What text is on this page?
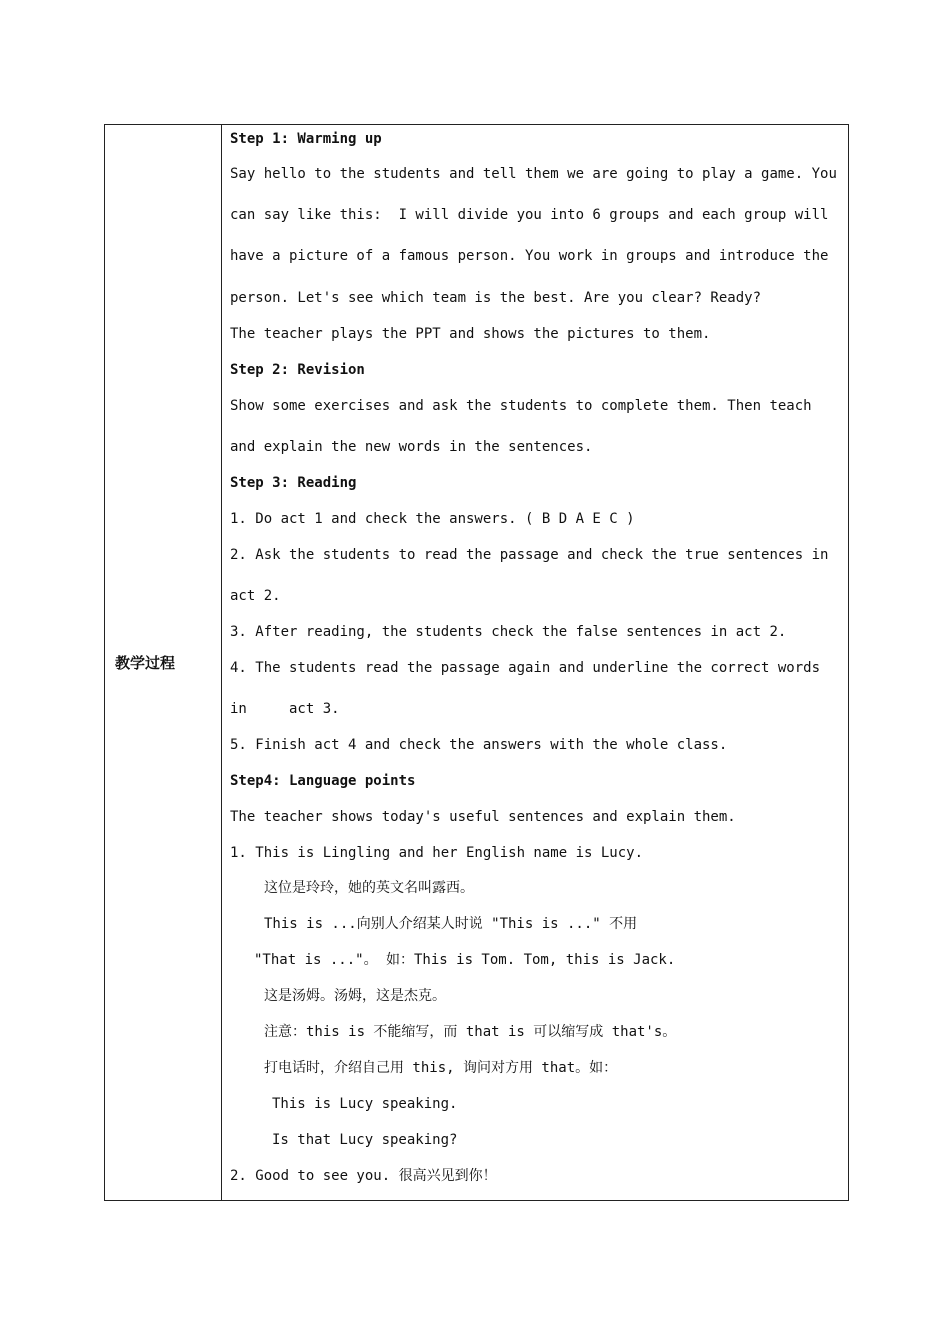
教学过程

Step 1: Warming up
Say hello to the students and tell them we are going to play a game. You
can say like this:  I will divide you into 6 groups and each group will
have a picture of a famous person. You work in groups and introduce the
person. Let's see which team is the best. Are you clear? Ready?
The teacher plays the PPT and shows the pictures to them.
Step 2: Revision
Show some exercises and ask the students to complete them. Then teach
and explain the new words in the sentences.
Step 3: Reading
1. Do act 1 and check the answers. ( B D A E C )
2. Ask the students to read the passage and check the true sentences in
act 2.
3. After reading, the students check the false sentences in act 2.
4. The students read the passage again and underline the correct words
in     act 3.
5. Finish act 4 and check the answers with the whole class.
Step4: Language points
The teacher shows today's useful sentences and explain them.
1. This is Lingling and her English name is Lucy.
这位是玲玲，她的英文名叫露西。
This is ...向别人介绍某人时说 "This is ..." 不用
"That is ..."。 如：This is Tom. Tom, this is Jack.
这是汤姆。汤姆，这是杰克。
注意：this is 不能缩写，而 that is 可以缩写成 that's。
打电话时，介绍自己用 this, 询问对方用 that。如：
This is Lucy speaking.
Is that Lucy speaking?
2. Good to see you. 很高兴见到你！
